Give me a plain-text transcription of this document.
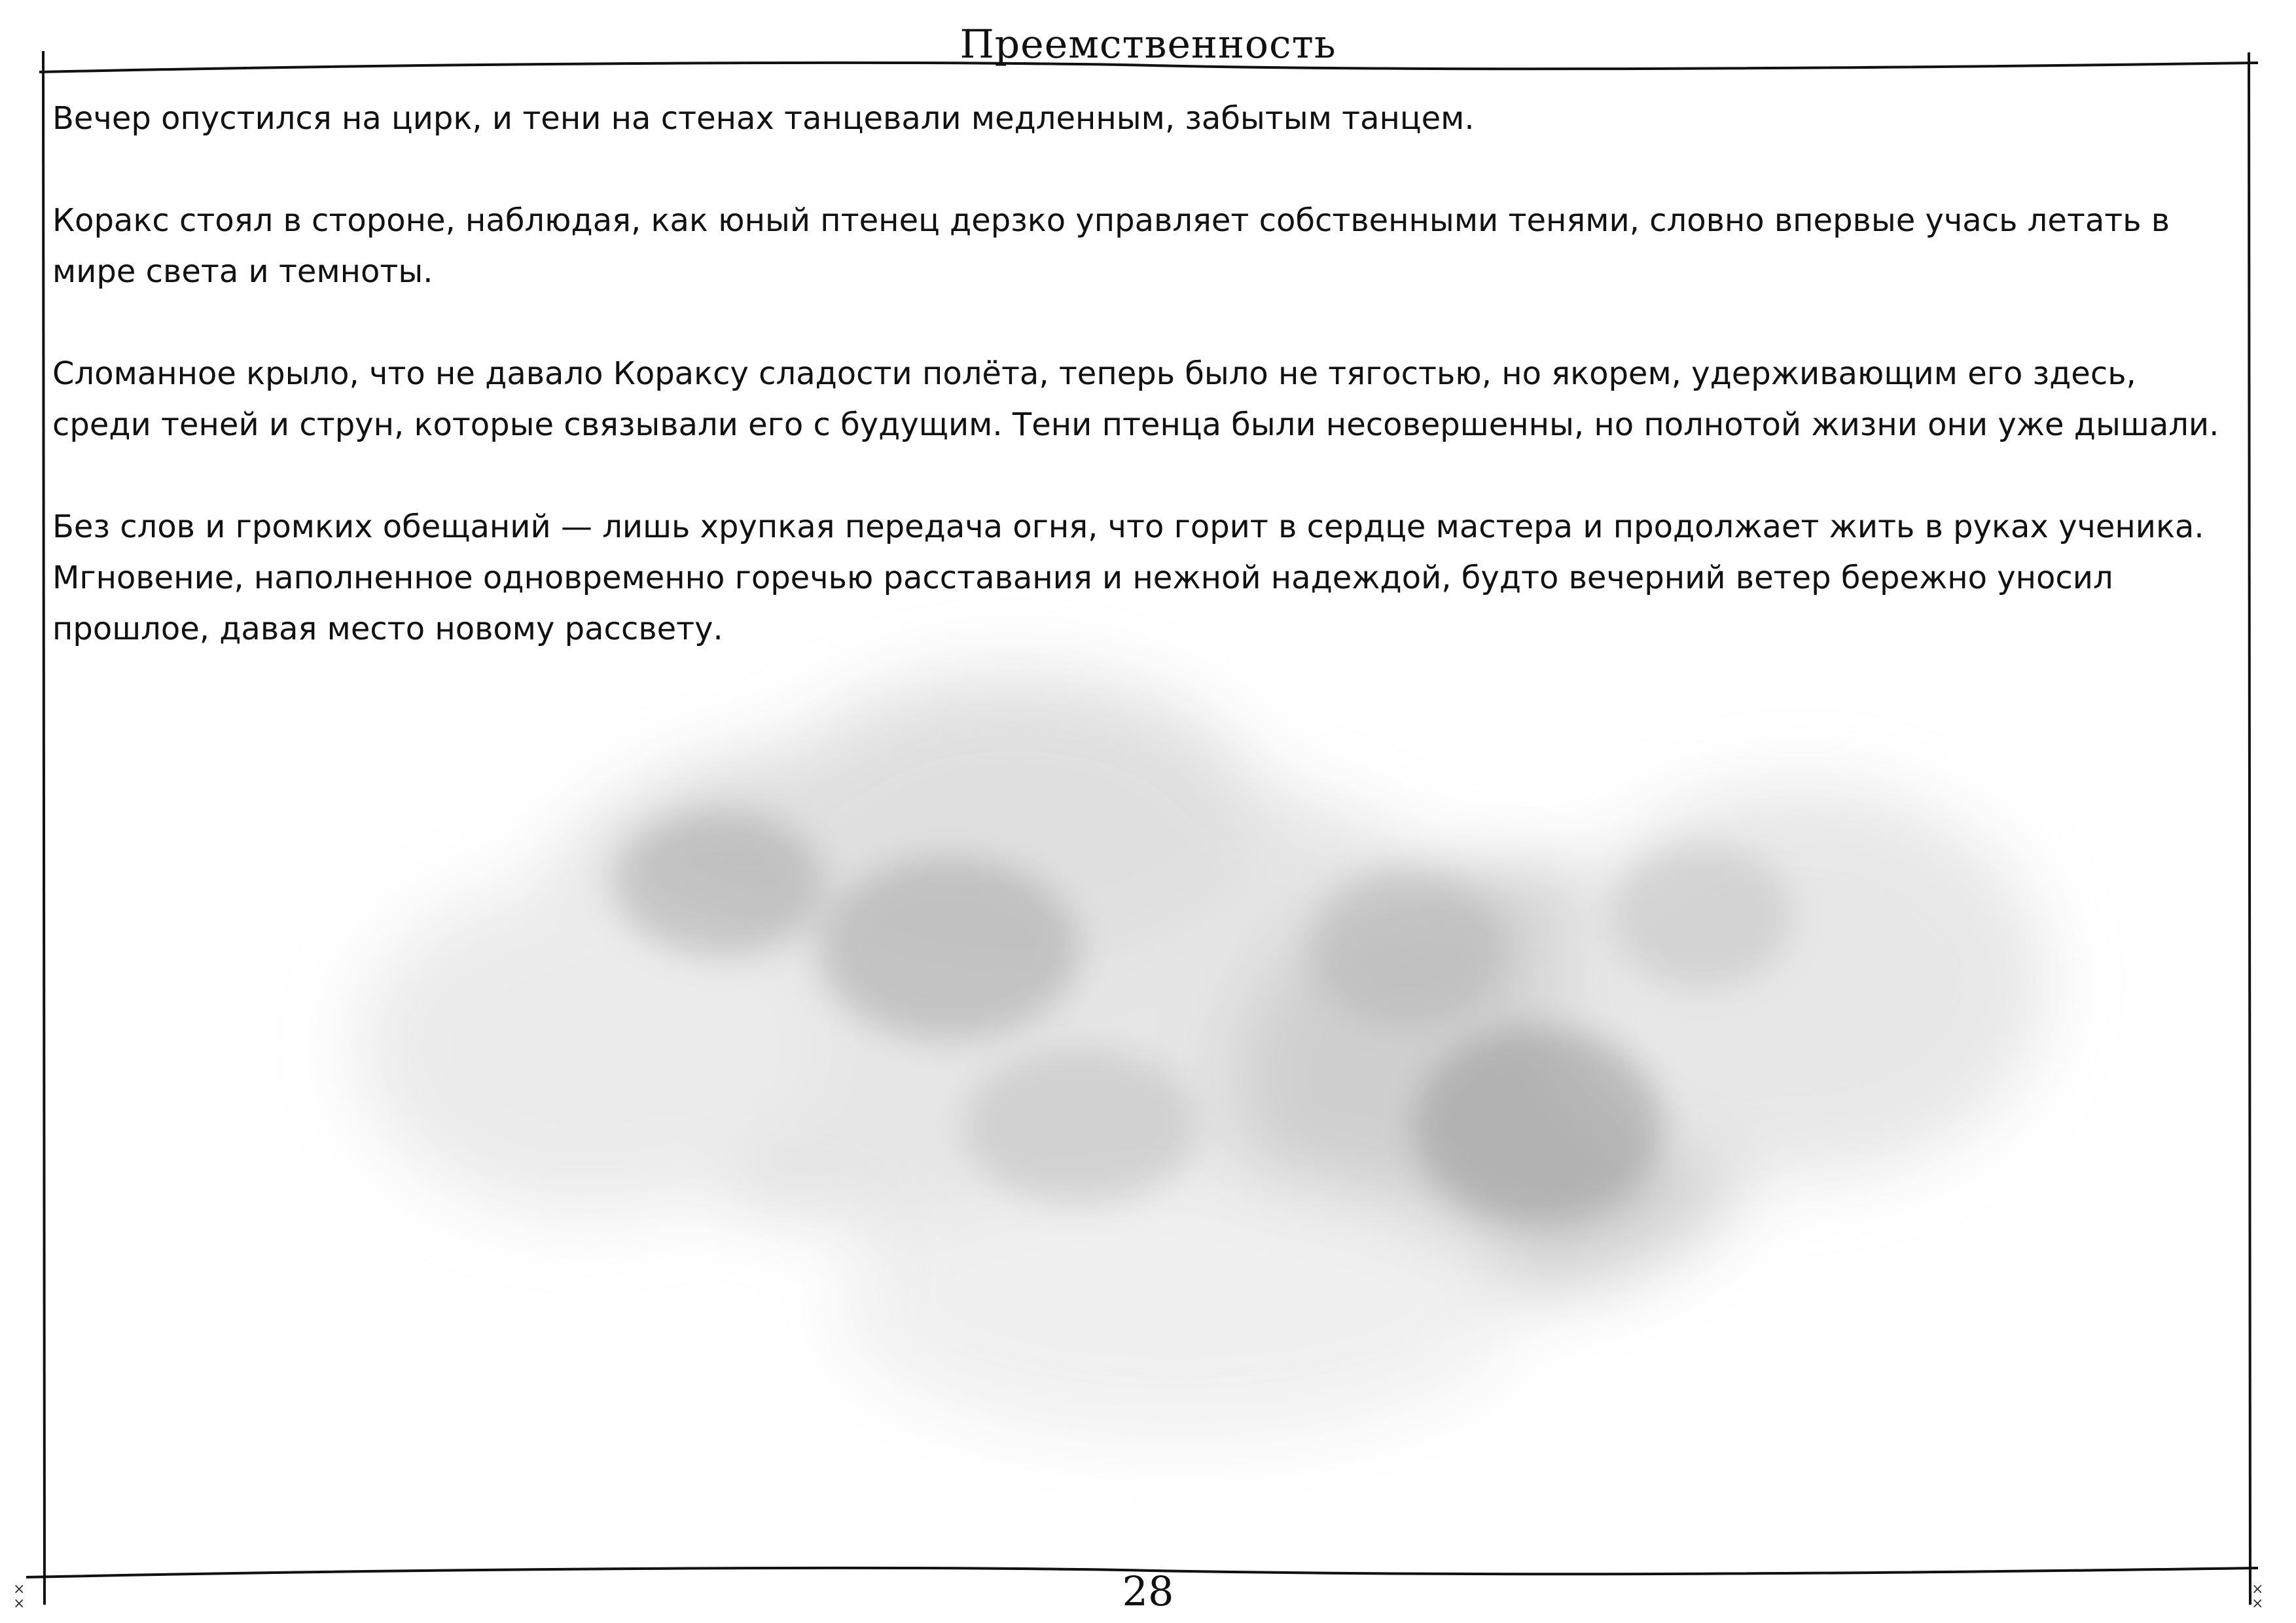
×
×
×
×
Преемственность

Вечер опустился на цирк, и тени на стенах танцевали медленным, забытым танцем.

Коракс стоял в стороне, наблюдая, как юный птенец дерзко управляет собственными тенями, словно впервые учась летать в мире света и темноты.

Сломанное крыло, что не давало Кораксу сладости полёта, теперь было не тягостью, но якорем, удерживающим его здесь, среди теней и струн, которые связывали его с будущим. Тени птенца были несовершенны, но полнотой жизни они уже дышали.

Без слов и громких обещаний — лишь хрупкая передача огня, что горит в сердце мастера и продолжает жить в руках ученика. Мгновение, наполненное одновременно горечью расставания и нежной надеждой, будто вечерний ветер бережно уносил прошлое, давая место новому рассвету.

28
